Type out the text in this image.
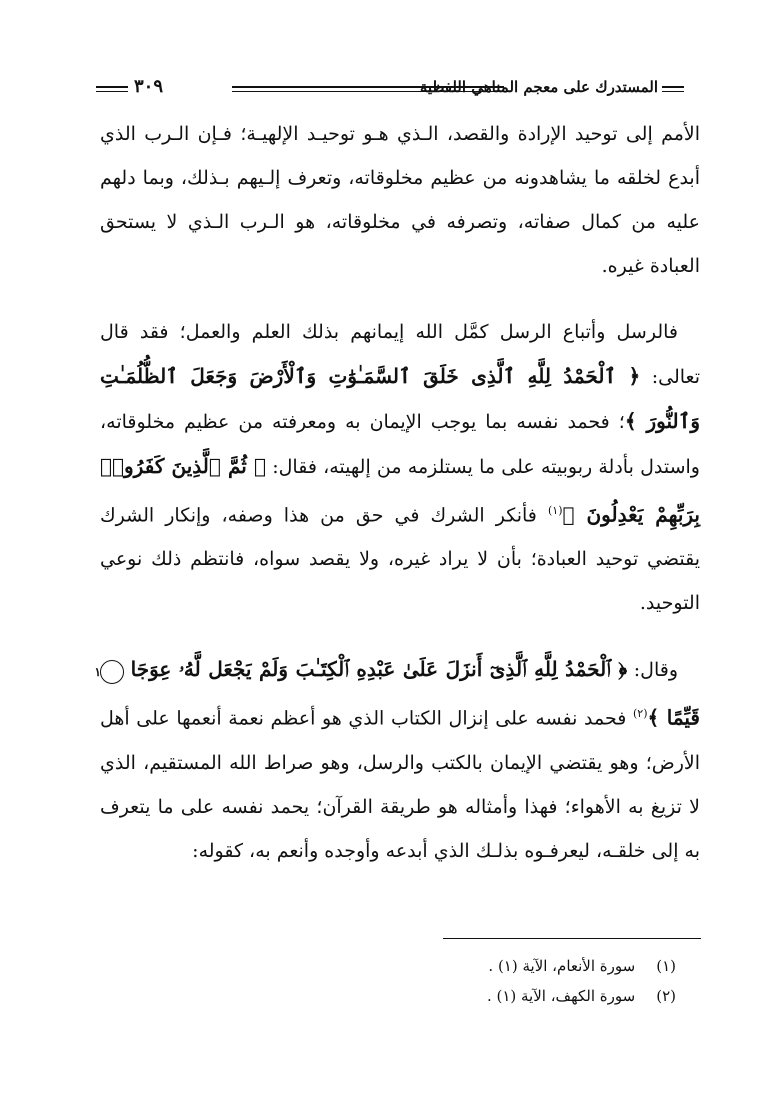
المستدرك على معجم المناهي اللفظية
٣٠٩

الأمم إلى توحيد الإرادة والقصد، الـذي هـو توحيـد الإلهيـة؛ فـإن الـرب الذي أبدع لخلقه ما يشاهدونه من عظيم مخلوقاته، وتعرف إلـيهم بـذلك، وبما دلهم عليه من كمال صفاته، وتصرفه في مخلوقاته، هو الـرب الـذي لا يستحق العبادة غيره.

فالرسل وأتباع الرسل كمَّل الله إيمانهم بذلك العلم والعمل؛ فقد قال تعالى: ﴿ ٱلْحَمْدُ لِلَّهِ ٱلَّذِى خَلَقَ ٱلسَّمَـٰوَٰتِ وَٱلْأَرْضَ وَجَعَلَ ٱلظُّلُمَـٰتِ وَٱلنُّورَ ﴾؛ فحمد نفسه بما يوجب الإيمان به ومعرفته من عظيم مخلوقاته، واستدل بأدلة ربوبيته على ما يستلزمه من إلهيته، فقال: ﴿ ثُمَّ ٱلَّذِينَ كَفَرُوا۟ بِرَبِّهِمْ يَعْدِلُونَ ﴾$^{(١)}$ فأنكر الشرك في حق من هذا وصفه، وإنكار الشرك يقتضي توحيد العبادة؛ بأن لا يراد غيره، ولا يقصد سواه، فانتظم ذلك نوعي التوحيد.

وقال: ﴿ ٱلْحَمْدُ لِلَّهِ ٱلَّذِىٓ أَنزَلَ عَلَىٰ عَبْدِهِ ٱلْكِتَـٰبَ وَلَمْ يَجْعَل لَّهُۥ عِوَجَا ١ قَيِّمًا ﴾$^{(٢)}$ فحمد نفسه على إنزال الكتاب الذي هو أعظم نعمة أنعمها على أهل الأرض؛ وهو يقتضي الإيمان بالكتب والرسل، وهو صراط الله المستقيم، الذي لا تزيغ به الأهواء؛ فهذا وأمثاله هو طريقة القرآن؛ يحمد نفسه على ما يتعرف به إلى خلقـه، ليعرفـوه بذلـك الذي أبدعه وأوجده وأنعم به، كقوله:

(١) سورة الأنعام، الآية (١) .
(٢) سورة الكهف، الآية (١) .
